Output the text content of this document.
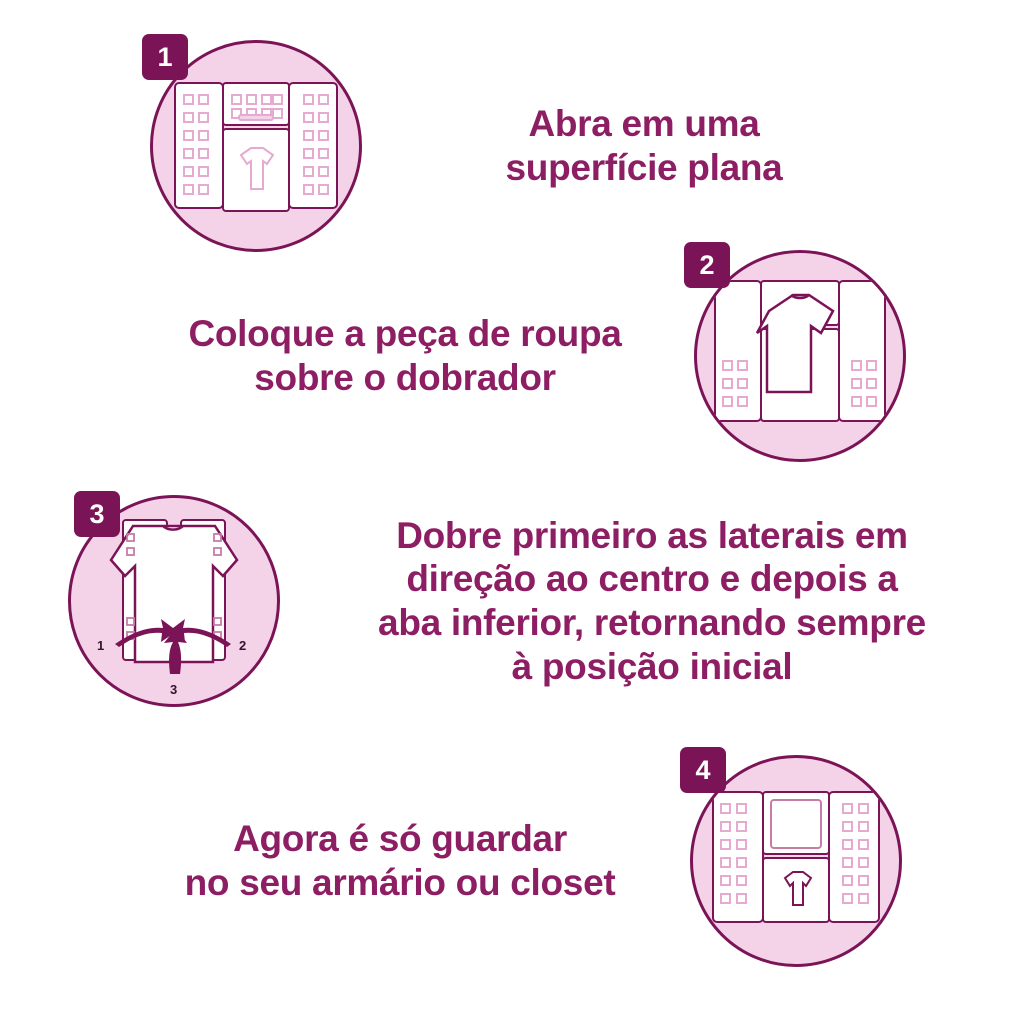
1
Abra em uma
superfície plana
Coloque a peça de roupa
sobre o dobrador
2
3
1	2
3
Dobre primeiro as laterais em
direção ao centro e depois a
aba inferior, retornando sempre
à posição inicial
Agora é só guardar
no seu armário ou closet
4
